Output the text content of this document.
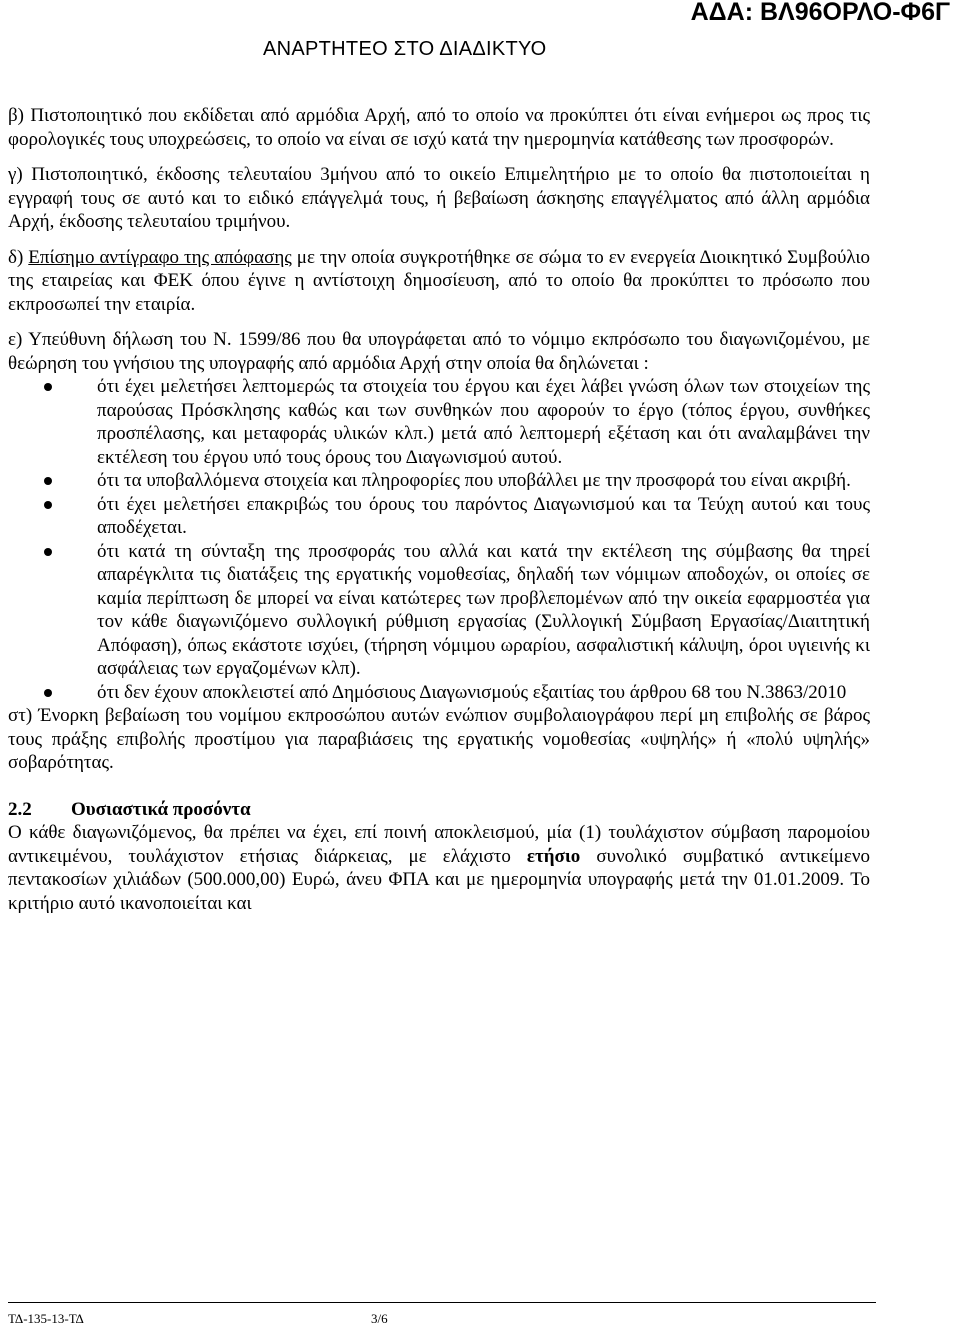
ΑΝΑΡΤΗΤΕΟ ΣΤΟ ΔΙΑΔΙΚΤΥΟ
ΑΔΑ: ΒΛ96ΟΡΛΟ-Φ6Γ

β) Πιστοποιητικό που εκδίδεται από αρμόδια Αρχή, από το οποίο να προκύπτει ότι είναι ενήμεροι ως προς τις φορολογικές τους υποχρεώσεις, το οποίο να είναι σε ισχύ κατά την ημερομηνία κατάθεσης των προσφορών.

γ) Πιστοποιητικό, έκδοσης τελευταίου 3μήνου από το οικείο Επιμελητήριο με το οποίο θα πιστοποιείται η εγγραφή τους σε αυτό και το ειδικό επάγγελμά τους, ή βεβαίωση άσκησης επαγγέλματος από άλλη αρμόδια Αρχή, έκδοσης τελευταίου τριμήνου.

δ) Επίσημο αντίγραφο της απόφασης με την οποία συγκροτήθηκε σε σώμα το εν ενεργεία Διοικητικό Συμβούλιο της εταιρείας και ΦΕΚ όπου έγινε η αντίστοιχη δημοσίευση, από το οποίο θα προκύπτει το πρόσωπο που εκπροσωπεί την εταιρία.

ε) Υπεύθυνη δήλωση του Ν. 1599/86 που θα υπογράφεται από το νόμιμο εκπρόσωπο του διαγωνιζομένου, με θεώρηση του γνήσιου της υπογραφής από αρμόδια Αρχή στην οποία θα δηλώνεται :

ότι έχει μελετήσει λεπτομερώς τα στοιχεία του έργου και έχει λάβει γνώση όλων των στοιχείων της παρούσας Πρόσκλησης καθώς και των συνθηκών που αφορούν το έργο (τόπος έργου, συνθήκες προσπέλασης, και μεταφοράς υλικών κλπ.) μετά από λεπτομερή εξέταση και ότι αναλαμβάνει την εκτέλεση του έργου υπό τους όρους του Διαγωνισμού αυτού.
ότι τα υποβαλλόμενα στοιχεία και πληροφορίες που υποβάλλει με την προσφορά του είναι ακριβή.
ότι έχει μελετήσει επακριβώς του όρους του παρόντος Διαγωνισμού και τα Τεύχη αυτού και τους αποδέχεται.
ότι κατά τη σύνταξη της προσφοράς του αλλά και κατά την εκτέλεση της σύμβασης θα τηρεί απαρέγκλιτα τις διατάξεις της εργατικής νομοθεσίας, δηλαδή των νόμιμων αποδοχών, οι οποίες σε καμία περίπτωση δε μπορεί να είναι κατώτερες των προβλεπομένων από την οικεία εφαρμοστέα για τον κάθε διαγωνιζόμενο συλλογική ρύθμιση εργασίας (Συλλογική Σύμβαση Εργασίας/Διαιτητική Απόφαση), όπως εκάστοτε ισχύει, (τήρηση νόμιμου ωραρίου, ασφαλιστική κάλυψη, όροι υγιεινής κι ασφάλειας των εργαζομένων κλπ).
ότι δεν έχουν αποκλειστεί από Δημόσιους Διαγωνισμούς εξαιτίας του άρθρου 68 του Ν.3863/2010

στ) Ένορκη βεβαίωση του νομίμου εκπροσώπου αυτών ενώπιον συμβολαιογράφου περί μη επιβολής σε βάρος τους πράξης επιβολής προστίμου για παραβιάσεις της εργατικής νομοθεσίας «υψηλής» ή «πολύ υψηλής» σοβαρότητας.

2.2 Ουσιαστικά προσόντα

Ο κάθε διαγωνιζόμενος, θα πρέπει να έχει, επί ποινή αποκλεισμού, μία (1) τουλάχιστον σύμβαση παρομοίου αντικειμένου, τουλάχιστον ετήσιας διάρκειας, με ελάχιστο ετήσιο συνολικό συμβατικό αντικείμενο πεντακοσίων χιλιάδων (500.000,00) Ευρώ, άνευ ΦΠΑ και με ημερομηνία υπογραφής μετά την 01.01.2009. Το κριτήριο αυτό ικανοποιείται και

ΤΔ-135-13-ΤΔ	3/6
